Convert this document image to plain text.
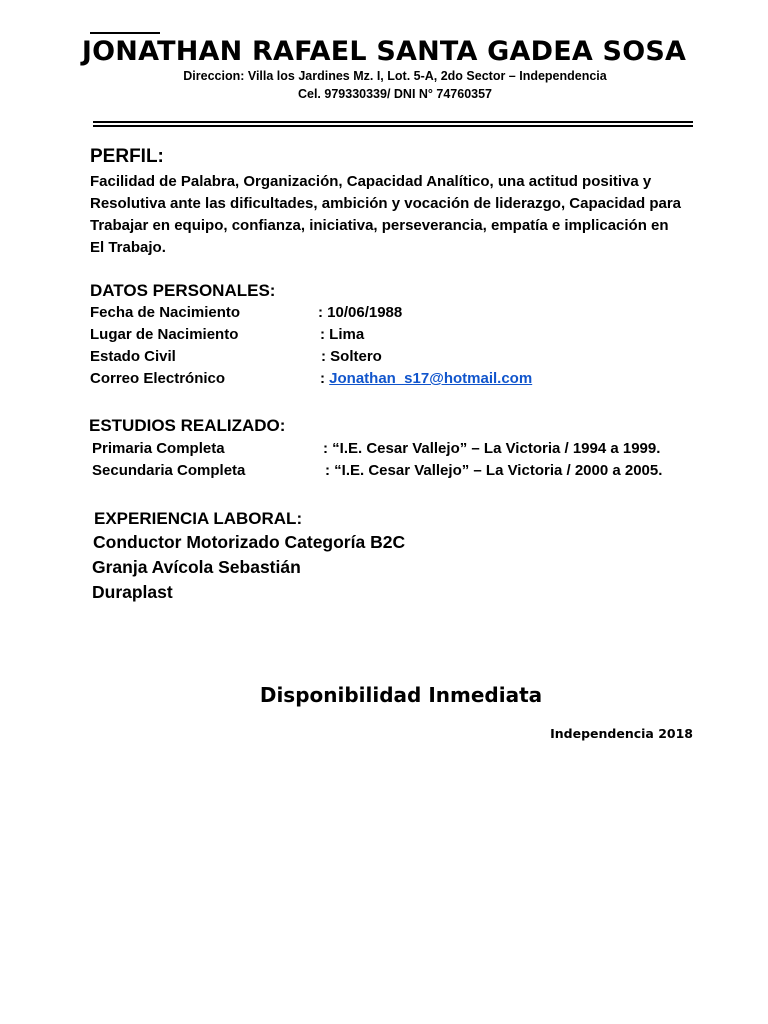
JONATHAN RAFAEL SANTA GADEA SOSA
Direccion: Villa los Jardines Mz. I, Lot. 5-A, 2do Sector – Independencia
Cel. 979330339/ DNI N° 74760357
PERFIL:
Facilidad de Palabra, Organización, Capacidad Analítico, una actitud positiva y
Resolutiva ante las dificultades, ambición y vocación de liderazgo, Capacidad para
Trabajar en equipo, confianza, iniciativa, perseverancia, empatía e implicación en
El Trabajo.
DATOS PERSONALES:
Fecha de Nacimiento	: 10/06/1988
Lugar de Nacimiento	: Lima
Estado Civil	: Soltero
Correo Electrónico	: Jonathan_s17@hotmail.com
ESTUDIOS REALIZADO:
Primaria Completa	: “I.E. Cesar Vallejo” – La Victoria / 1994 a 1999.
Secundaria Completa	: “I.E. Cesar Vallejo” – La Victoria / 2000 a 2005.
EXPERIENCIA LABORAL:
Conductor Motorizado Categoría B2C
Granja Avícola Sebastián
Duraplast
Disponibilidad Inmediata
Independencia 2018
